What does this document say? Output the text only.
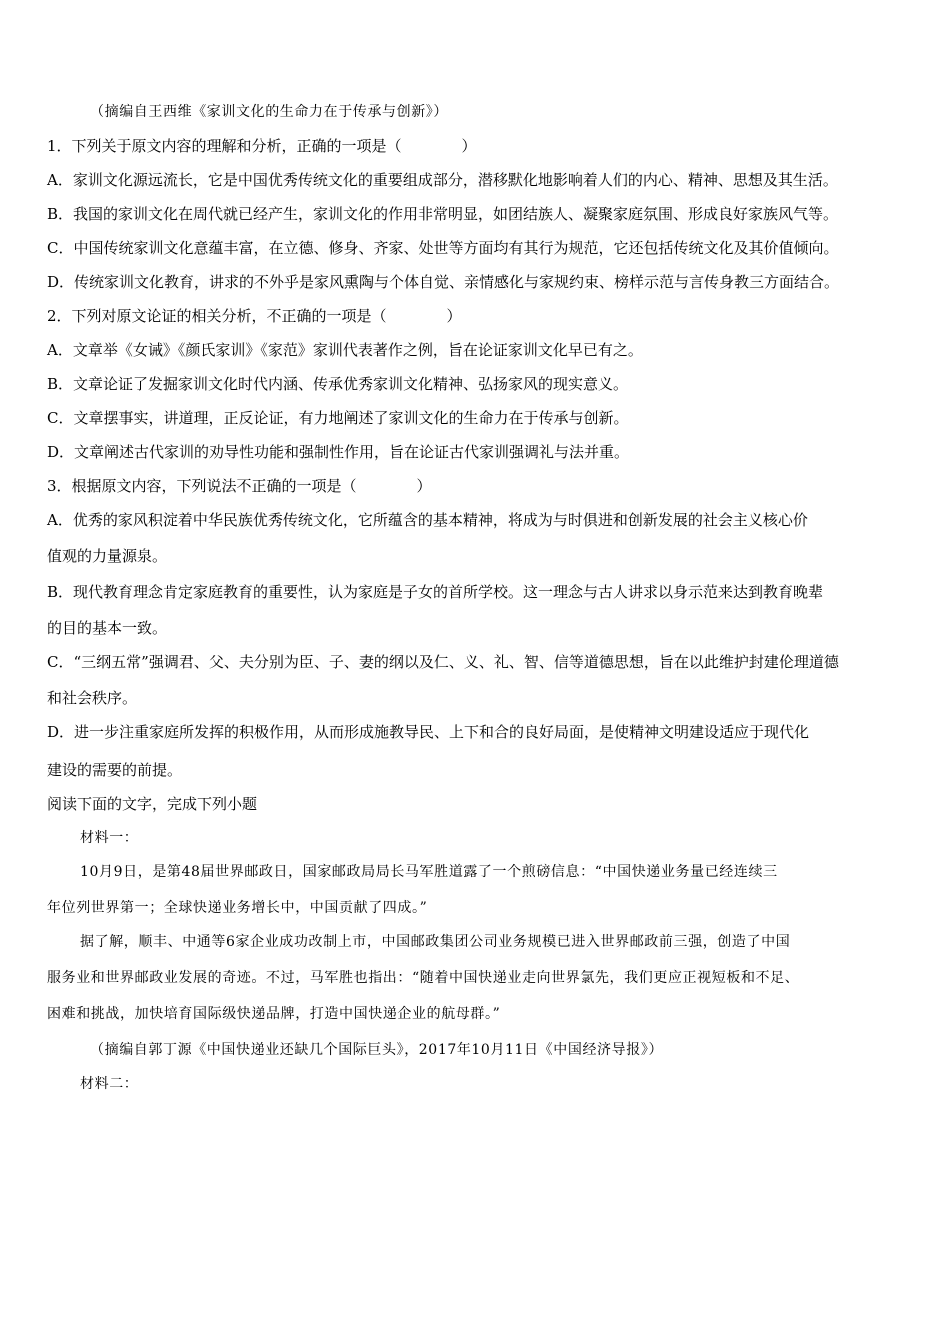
（摘编自王西维《家训文化的生命力在于传承与创新》）
1．下列关于原文内容的理解和分析，正确的一项是（　　　　）
A．家训文化源远流长，它是中国优秀传统文化的重要组成部分，潜移默化地影响着人们的内心、精神、思想及其生活。
B．我国的家训文化在周代就已经产生，家训文化的作用非常明显，如团结族人、凝聚家庭氛围、形成良好家族风气等。
C．中国传统家训文化意蕴丰富，在立德、修身、齐家、处世等方面均有其行为规范，它还包括传统文化及其价值倾向。
D．传统家训文化教育，讲求的不外乎是家风熏陶与个体自觉、亲情感化与家规约束、榜样示范与言传身教三方面结合。
2．下列对原文论证的相关分析，不正确的一项是（　　　　）
A．文章举《女诫》《颜氏家训》《家范》家训代表著作之例，旨在论证家训文化早已有之。
B．文章论证了发掘家训文化时代内涵、传承优秀家训文化精神、弘扬家风的现实意义。
C．文章摆事实，讲道理，正反论证，有力地阐述了家训文化的生命力在于传承与创新。
D．文章阐述古代家训的劝导性功能和强制性作用，旨在论证古代家训强调礼与法并重。
3．根据原文内容，下列说法不正确的一项是（　　　　）
A．优秀的家风积淀着中华民族优秀传统文化，它所蕴含的基本精神，将成为与时俱进和创新发展的社会主义核心价
值观的力量源泉。
B．现代教育理念肯定家庭教育的重要性，认为家庭是子女的首所学校。这一理念与古人讲求以身示范来达到教育晚辈
的目的基本一致。
C．“三纲五常”强调君、父、夫分别为臣、子、妻的纲以及仁、义、礼、智、信等道德思想，旨在以此维护封建伦理道德
和社会秩序。
D．进一步注重家庭所发挥的积极作用，从而形成施教导民、上下和合的良好局面，是使精神文明建设适应于现代化
建设的需要的前提。
阅读下面的文字，完成下列小题
材料一：
10月9日，是第48届世界邮政日，国家邮政局局长马军胜道露了一个煎磅信息：“中国快递业务量已经连续三
年位列世界第一；全球快递业务增长中，中国贡献了四成。”
据了解，顺丰、中通等6家企业成功改制上市，中国邮政集团公司业务规模已进入世界邮政前三强，创造了中国
服务业和世界邮政业发展的奇迹。不过，马军胜也指出：“随着中国快递业走向世界氯先，我们更应正视短板和不足、
困难和挑战，加快培育国际级快递品牌，打造中国快递企业的航母群。”
（摘编自郭丁源《中国快递业还缺几个国际巨头》，2017年10月11日《中国经济导报》）
材料二：
